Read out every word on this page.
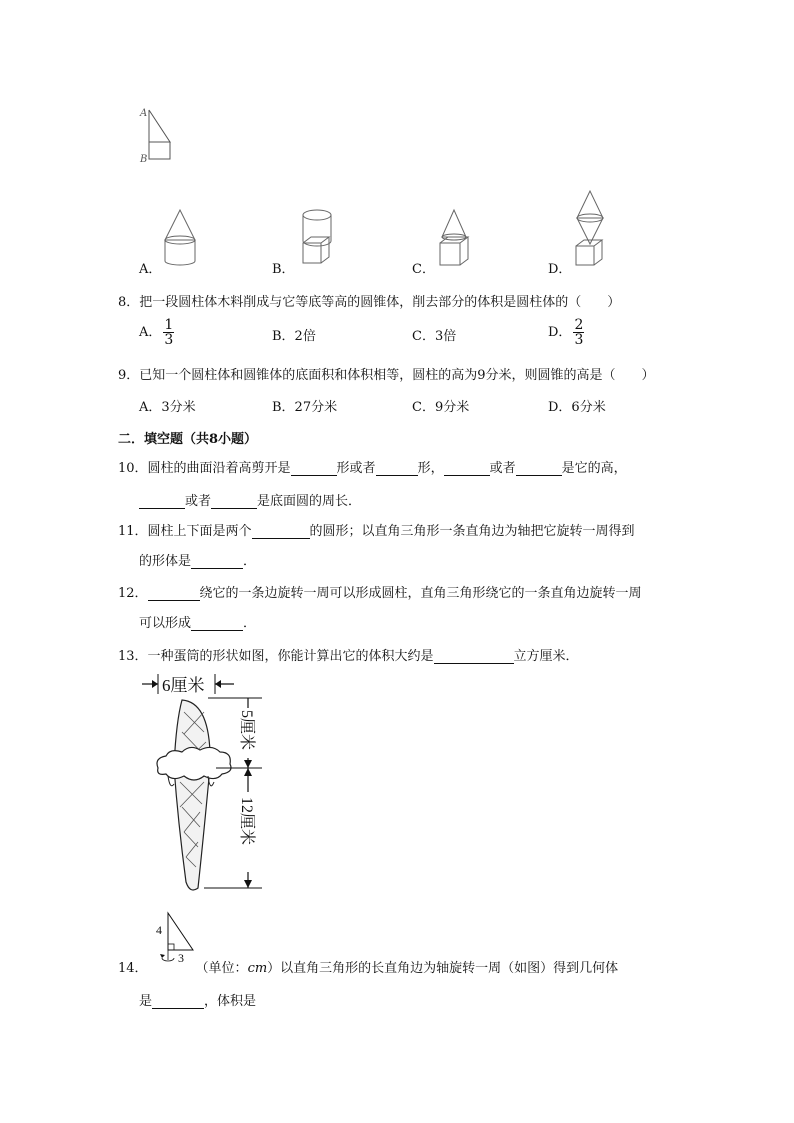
A
B
A．	B．	C．	D．
8．把一段圆柱体木料削成与它等底等高的圆锥体，削去部分的体积是圆柱体的（　　）
A． $\frac{1}{3}$	B．2倍	C．3倍	D． $\frac{2}{3}$
9．已知一个圆柱体和圆锥体的底面积和体积相等，圆柱的高为9分米，则圆锥的高是（　　）
A．3分米	B．27分米	C．9分米	D．6分米
二．填空题（共8小题）
10．圆柱的曲面沿着高剪开是	形或者	形，	或者	是它的高，
或者	是底面圆的周长．
11．圆柱上下面是两个	的圆形；以直角三角形一条直角边为轴把它旋转一周得到
的形体是	．
12．	绕它的一条边旋转一周可以形成圆柱，直角三角形绕它的一条直角边旋转一周
可以形成	．
13．一种蛋筒的形状如图，你能计算出它的体积大约是	立方厘米．
6厘米
5厘米
12厘米
4
3
14．	（单位：cm）以直角三角形的长直角边为轴旋转一周（如图）得到几何体
是	，体积是
